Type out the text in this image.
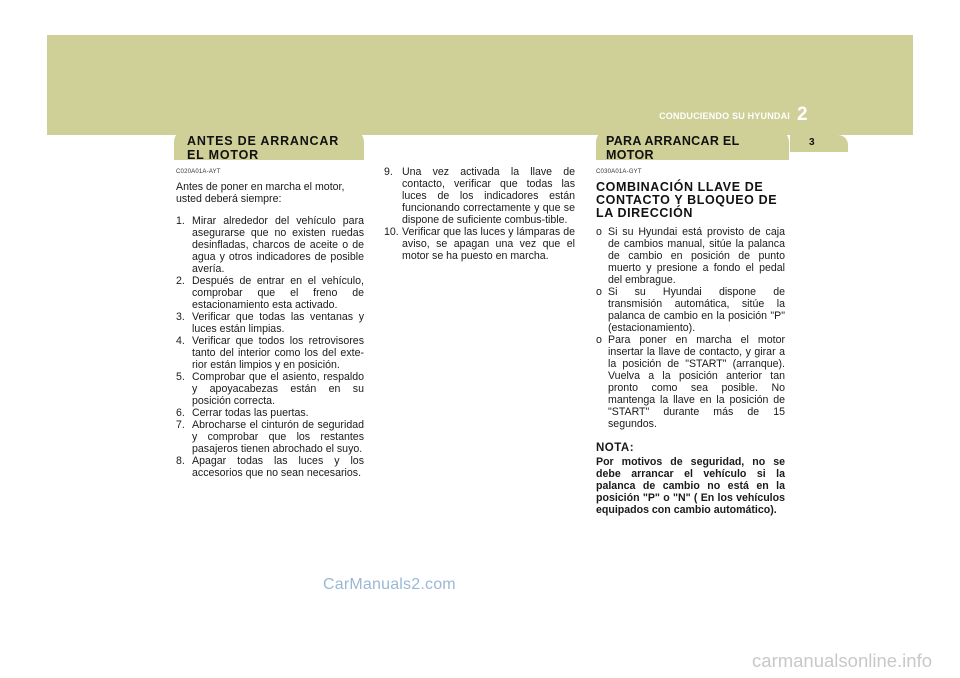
CONDUCIENDO SU HYUNDAI 2
ANTES DE ARRANCAR EL MOTOR
PARA ARRANCAR EL MOTOR
3
C020A01A-AYT

Antes de poner en marcha el motor, usted deberá siempre:

1. Mirar alrededor del vehículo para asegurarse que no existen ruedas desinfladas, charcos de aceite o de agua y otros indicadores de posible avería.
2. Después de entrar en el vehículo, comprobar que el freno de estacionamiento esta activado.
3. Verificar que todas las ventanas y luces están limpias.
4. Verificar que todos los retrovisores tanto del interior como los del exte-rior están limpios y en posición.
5. Comprobar que el asiento, respaldo y apoyacabezas están en su posición correcta.
6. Cerrar todas las puertas.
7. Abrocharse el cinturón de seguridad y comprobar que los restantes pasajeros tienen abrochado el suyo.
8. Apagar todas las luces y los accesorios que no sean necesarios.
9. Una vez activada la llave de contacto, verificar que todas las luces de los indicadores están funcionando correctamente y que se dispone de suficiente combus-tible.
10. Verificar que las luces y lámparas de aviso, se apagan una vez que el motor se ha puesto en marcha.
C030A01A-GYT
COMBINACIÓN LLAVE DE CONTACTO Y BLOQUEO DE LA DIRECCIÓN
o Si su Hyundai está provisto de caja de cambios manual, sitúe la palanca de cambio en posición de punto muerto y presione a fondo el pedal del embrague.
o Si su Hyundai dispone de transmisión automática, sitúe la palanca de cambio en la posición "P" (estacionamiento).
o Para poner en marcha el motor insertar la llave de contacto, y girar a la posición de "START" (arranque). Vuelva a la posición anterior tan pronto como sea posible. No mantenga la llave en la posición de "START" durante más de 15 segundos.
NOTA:
Por motivos de seguridad, no se debe arrancar el vehículo si la palanca de cambio no está en la posición "P" o "N" ( En los vehículos equipados con cambio automático).
CarManuals2.com
carmanualsonline.info
